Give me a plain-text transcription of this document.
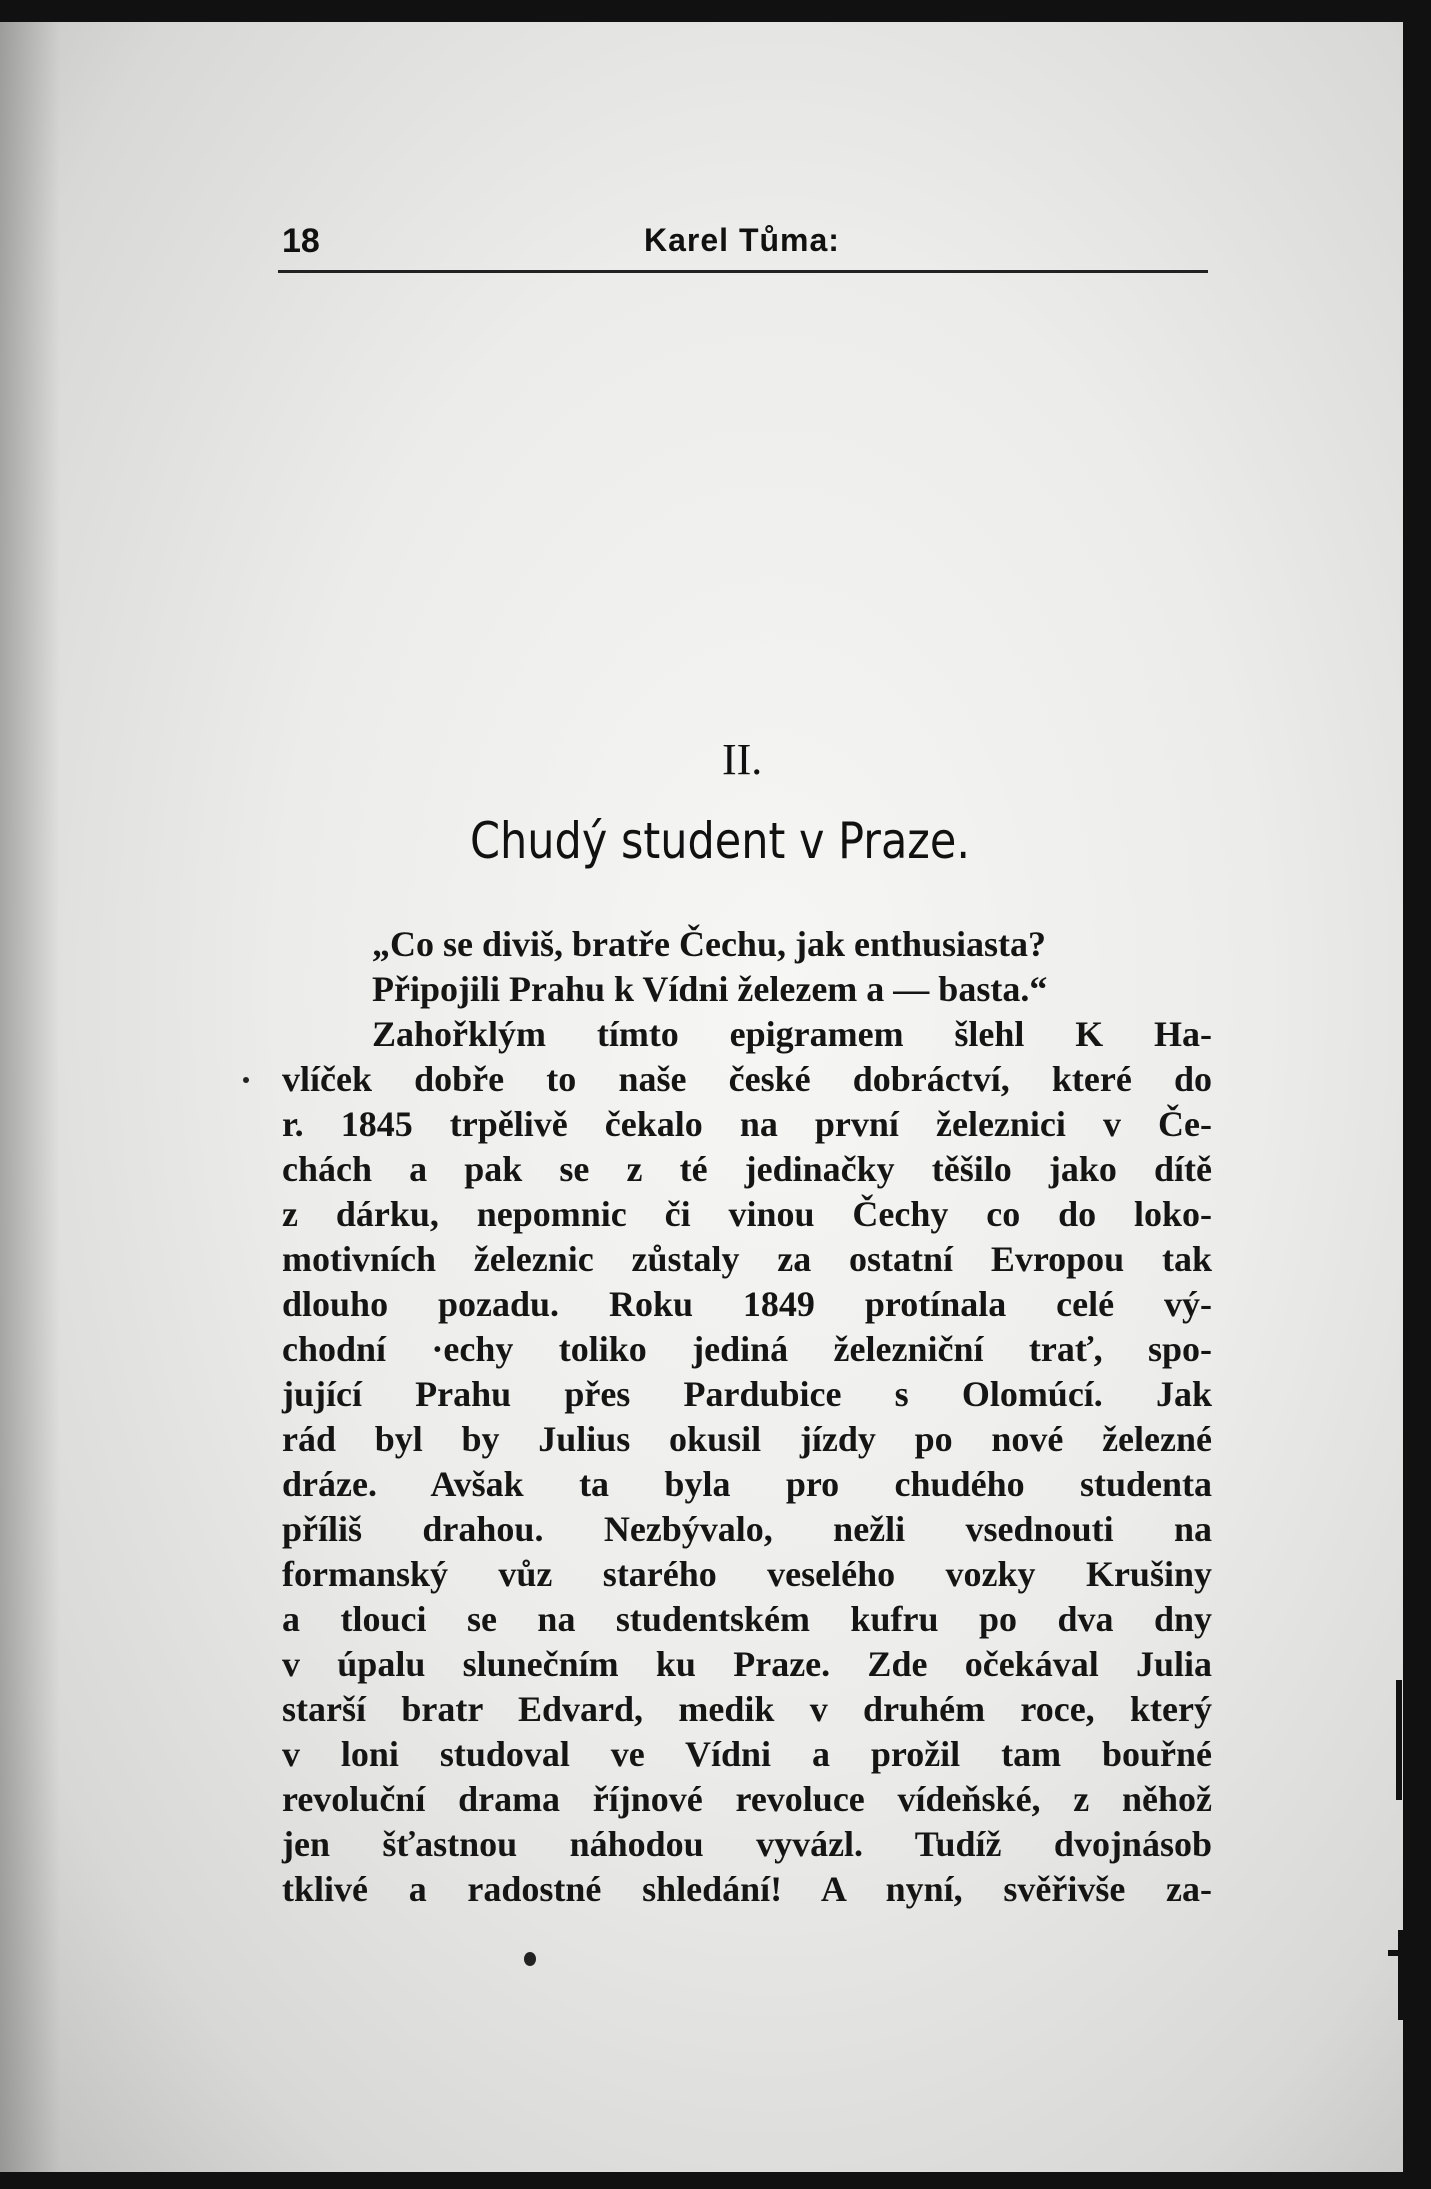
18	Karel Tůma:
II.
Chudý student v Praze.
„Co se diviš, bratře Čechu, jak enthusiasta?
Připojili Prahu k Vídni železem a — basta.“
Zahořklým tímto epigramem šlehl K Ha-
vlíček dobře to naše české dobráctví, které do
r. 1845 trpělivě čekalo na první železnici v Če-
chách a pak se z té jedinačky těšilo jako dítě
z dárku, nepomnic či vinou Čechy co do loko-
motivních železnic zůstaly za ostatní Evropou tak
dlouho pozadu. Roku 1849 protínala celé vý-
chodní ·echy toliko jediná železniční trať, spo-
jující Prahu přes Pardubice s Olomúcí. Jak
rád byl by Julius okusil jízdy po nové železné
dráze. Avšak ta byla pro chudého studenta
příliš drahou. Nezbývalo, nežli vsednouti na
formanský vůz starého veselého vozky Krušiny
a tlouci se na studentském kufru po dva dny
v úpalu slunečním ku Praze. Zde očekával Julia
starší bratr Edvard, medik v druhém roce, který
v loni studoval ve Vídni a prožil tam bouřné
revoluční drama říjnové revoluce vídeňské, z něhož
jen šťastnou náhodou vyvázl. Tudíž dvojnásob
tklivé a radostné shledání! A nyní, svěřivše za-
